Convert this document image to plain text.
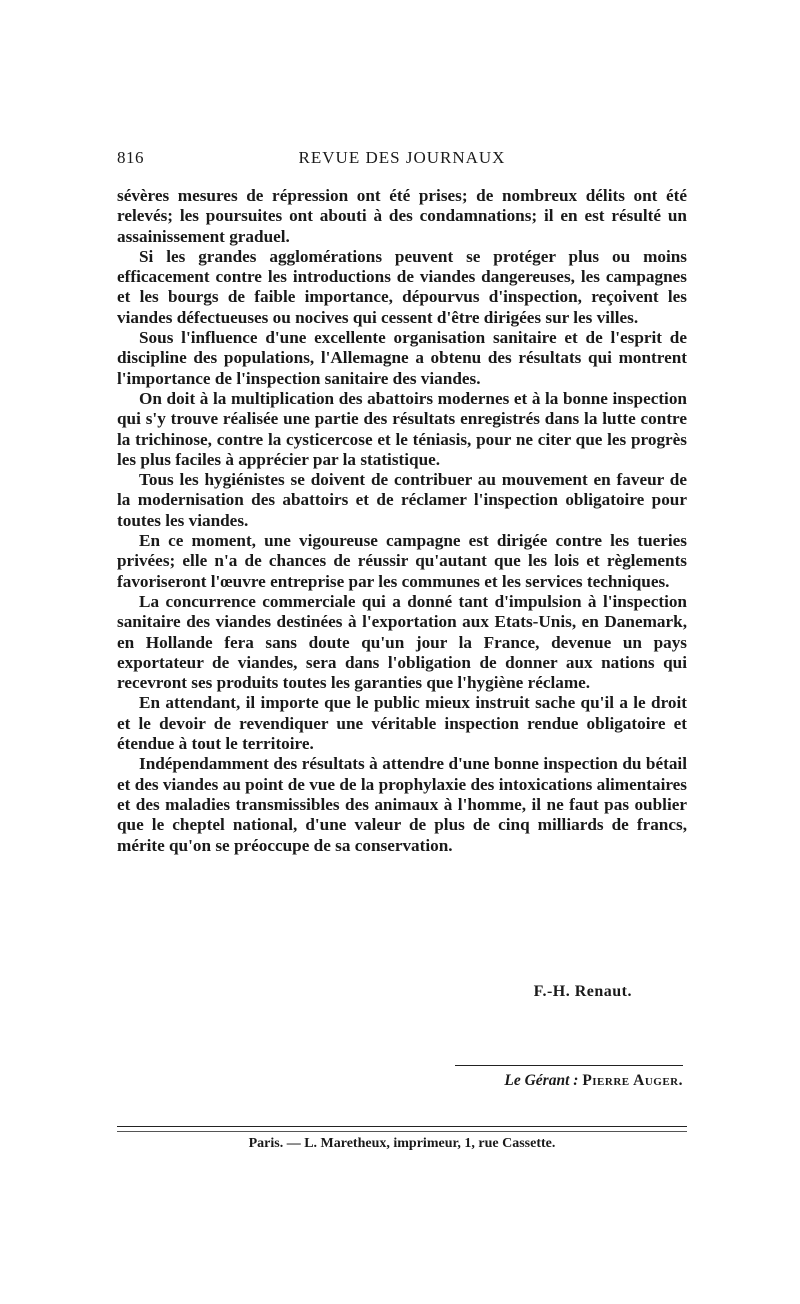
816	REVUE DES JOURNAUX

sévères mesures de répression ont été prises; de nombreux délits ont été relevés; les poursuites ont abouti à des condamnations; il en est résulté un assainissement graduel.

Si les grandes agglomérations peuvent se protéger plus ou moins efficacement contre les introductions de viandes dangereuses, les campagnes et les bourgs de faible importance, dépourvus d'inspection, reçoivent les viandes défectueuses ou nocives qui cessent d'être dirigées sur les villes.

Sous l'influence d'une excellente organisation sanitaire et de l'esprit de discipline des populations, l'Allemagne a obtenu des résultats qui montrent l'importance de l'inspection sanitaire des viandes.

On doit à la multiplication des abattoirs modernes et à la bonne inspection qui s'y trouve réalisée une partie des résultats enregistrés dans la lutte contre la trichinose, contre la cysticercose et le téniasis, pour ne citer que les progrès les plus faciles à apprécier par la statistique.

Tous les hygiénistes se doivent de contribuer au mouvement en faveur de la modernisation des abattoirs et de réclamer l'inspection obligatoire pour toutes les viandes.

En ce moment, une vigoureuse campagne est dirigée contre les tueries privées; elle n'a de chances de réussir qu'autant que les lois et règlements favoriseront l'œuvre entreprise par les communes et les services techniques.

La concurrence commerciale qui a donné tant d'impulsion à l'inspection sanitaire des viandes destinées à l'exportation aux Etats-Unis, en Danemark, en Hollande fera sans doute qu'un jour la France, devenue un pays exportateur de viandes, sera dans l'obligation de donner aux nations qui recevront ses produits toutes les garanties que l'hygiène réclame.

En attendant, il importe que le public mieux instruit sache qu'il a le droit et le devoir de revendiquer une véritable inspection rendue obligatoire et étendue à tout le territoire.

Indépendamment des résultats à attendre d'une bonne inspection du bétail et des viandes au point de vue de la prophylaxie des intoxications alimentaires et des maladies transmissibles des animaux à l'homme, il ne faut pas oublier que le cheptel national, d'une valeur de plus de cinq milliards de francs, mérite qu'on se préoccupe de sa conservation.

F.-H. Renaut.
Le Gérant : Pierre Auger.
Paris. — L. Maretheux, imprimeur, 1, rue Cassette.
